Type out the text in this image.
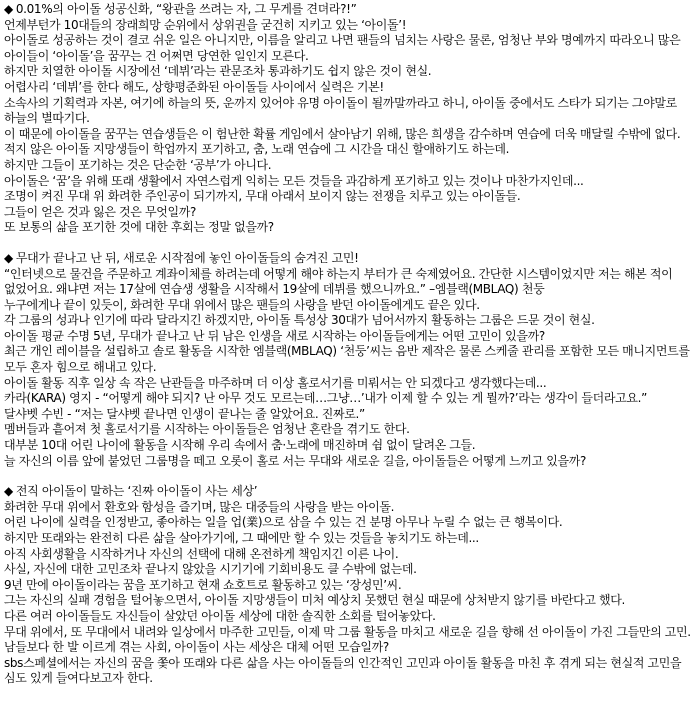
◆ 0.01%의 아이돌 성공신화, “왕관을 쓰려는 자, 그 무게를 견뎌라?!”

언제부턴가 10대들의 장래희망 순위에서 상위권을 굳건히 지키고 있는 ‘아이돌’!

아이돌로 성공하는 것이 결코 쉬운 일은 아니지만, 이름을 알리고 나면 팬들의 넘치는 사랑은 물론, 엄청난 부와 명예까지 따라오니 많은 아이들이 ‘아이돌’을 꿈꾸는 건 어쩌면 당연한 일인지 모른다.

하지만 치열한 아이돌 시장에선 ‘데뷔’라는 관문조차 통과하기도 쉽지 않은 것이 현실.

어렵사리 ‘데뷔’를 한다 해도, 상향평준화된 아이돌들 사이에서 실력은 기본!

소속사의 기획력과 자본, 여기에 하늘의 뜻, 운까지 있어야 유명 아이돌이 될까말까라고 하니, 아이돌 중에서도 스타가 되기는 그야말로 하늘의 별따기다.

이 때문에 아이돌을 꿈꾸는 연습생들은 이 험난한 확률 게임에서 살아남기 위해, 많은 희생을 감수하며 연습에 더욱 매달릴 수밖에 없다.

적지 않은 아이돌 지망생들이 학업까지 포기하고, 춤, 노래 연습에 그 시간을 대신 할애하기도 하는데.

하지만 그들이 포기하는 것은 단순한 ‘공부’가 아니다.

아이돌은 ‘꿈’을 위해 또래 생활에서 자연스럽게 익히는 모든 것들을 과감하게 포기하고 있는 것이나 마찬가지인데...

조명이 켜진 무대 위 화려한 주인공이 되기까지, 무대 아래서 보이지 않는 전쟁을 치루고 있는 아이돌들.

그들이 얻은 것과 잃은 것은 무엇일까?

또 보통의 삶을 포기한 것에 대한 후회는 정말 없을까?

◆ 무대가 끝나고 난 뒤, 새로운 시작점에 놓인 아이돌들의 숨겨진 고민!

“인터넷으로 물건을 주문하고 계좌이체를 하려는데 어떻게 해야 하는지 부터가 큰 숙제였어요. 간단한 시스템이었지만 저는 해본 적이 없었어요. 왜냐면 저는 17살에 연습생 생활을 시작해서 19살에 데뷔를 했으니까요.” –엠블랙(MBLAQ) 천둥

누구에게나 끝이 있듯이, 화려한 무대 위에서 많은 팬들의 사랑을 받던 아이돌에게도 끝은 있다.

각 그룹의 성과나 인기에 따라 달라지긴 하겠지만, 아이돌 특성상 30대가 넘어서까지 활동하는 그룹은 드문 것이 현실.

아이돌 평균 수명 5년, 무대가 끝나고 난 뒤 남은 인생을 새로 시작하는 아이돌들에게는 어떤 고민이 있을까?

최근 개인 레이블을 설립하고 솔로 활동을 시작한 엠블랙(MBLAQ) ‘천둥’씨는 음반 제작은 물론 스케줄 관리를 포함한 모든 매니지먼트를 모두 혼자 힘으로 해내고 있다.

아이돌 활동 직후 일상 속 작은 난관들을 마주하며 더 이상 홀로서기를 미뤄서는 안 되겠다고 생각했다는데...

카라(KARA) 영지 - “어떻게 해야 되지? 난 아무 것도 모르는데…그냥…’내가 이제 할 수 있는 게 뭘까?’라는 생각이 들더라고요.”

달샤벳 수빈 - “저는 달샤벳 끝나면 인생이 끝나는 줄 알았어요. 진짜로.”

멤버들과 흩어져 첫 홀로서기를 시작하는 아이돌들은 엄청난 혼란을 겪기도 한다.

대부분 10대 어린 나이에 활동을 시작해 우리 속에서 춤·노래에 매진하며 쉼 없이 달려온 그들.

늘 자신의 이름 앞에 붙었던 그룹명을 떼고 오롯이 홀로 서는 무대와 새로운 길을, 아이돌들은 어떻게 느끼고 있을까?

◆ 전직 아이돌이 말하는 ‘진짜 아이돌이 사는 세상’

화려한 무대 위에서 환호와 함성을 즐기며, 많은 대중들의 사랑을 받는 아이돌.

어린 나이에 실력을 인정받고, 좋아하는 일을 업(業)으로 삼을 수 있는 건 분명 아무나 누릴 수 없는 큰 행복이다.

하지만 또래와는 완전히 다른 삶을 살아가기에, 그 때에만 할 수 있는 것들을 놓치기도 하는데...

아직 사회생활을 시작하거나 자신의 선택에 대해 온전하게 책임지긴 이른 나이.

사실, 자신에 대한 고민조차 끝나지 않았을 시기기에 기회비용도 클 수밖에 없는데.

9년 만에 아이돌이라는 꿈을 포기하고 현재 쇼호트로 활동하고 있는 ‘장성민’씨.

그는 자신의 실패 경험을 털어놓으면서, 아이돌 지망생들이 미처 예상치 못했던 현실 때문에 상처받지 않기를 바란다고 했다.

다른 여러 아이돌들도 자신들이 살았던 아이돌 세상에 대한 솔직한 소회를 털어놓았다.

무대 위에서, 또 무대에서 내려와 일상에서 마주한 고민들, 이제 막 그룹 활동을 마치고 새로운 길을 향해 선 아이돌이 가진 그들만의 고민.

남들보다 한 발 이르게 겪는 사회, 아이돌이 사는 세상은 대체 어떤 모습일까?

sbs스페셜에서는 자신의 꿈을 쫓아 또래와 다른 삶을 사는 아이돌들의 인간적인 고민과 아이돌 활동을 마친 후 겪게 되는 현실적 고민을 심도 있게 들여다보고자 한다.
